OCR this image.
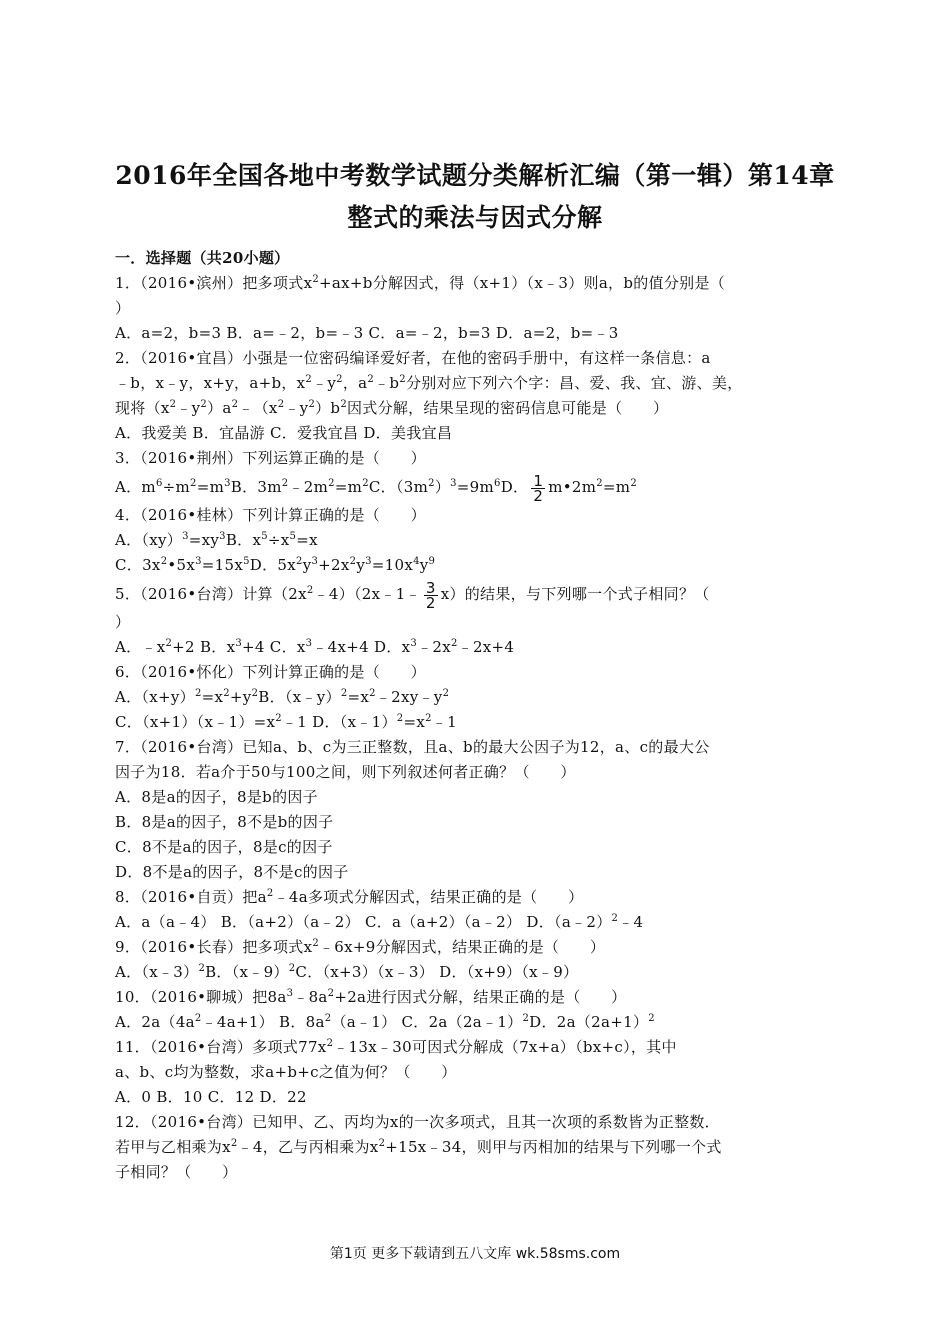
2016年全国各地中考数学试题分类解析汇编（第一辑）第14章
整式的乘法与因式分解
一．选择题（共20小题）
1．（2016•滨州）把多项式$x^2+ax+b$分解因式，得（x+1）（x﹣3）则a，b的值分别是（
）
A．a=2，b=3 B．a=﹣2，b=﹣3 C．a=﹣2，b=3 D．a=2，b=﹣3
2．（2016•宜昌）小强是一位密码编译爱好者，在他的密码手册中，有这样一条信息：a
﹣b，x﹣y，x+y，a+b，$x^2﹣y^2$，$a^2﹣b^2$分别对应下列六个字：昌、爱、我、宜、游、美，
现将$(x^2﹣y^2)a^2﹣(x^2﹣y^2)b^2$因式分解，结果呈现的密码信息可能是（　　）
A．我爱美 B．宜晶游 C．爱我宜昌 D．美我宜昌
3．（2016•荆州）下列运算正确的是（　　）
A．$m^6\div m^2=m^3B$．$3m^2﹣2m^2=m^2C$．$(3m^2)^3=9m^6D$． $\frac{1}{2}$ $m•2m^2=m^2$
4．（2016•桂林）下列计算正确的是（　　）
A．$(xy)^3=xy^3B$．$x^5\div x^5=x$
C．$3x^2•5x^3=15x^5D$．$5x^2y^3+2x^2y^3=10x^4y^9$
5．（2016•台湾）计算$(2x^2﹣4)(2x﹣1﹣ \frac{3}{2} x)$的结果，与下列哪一个式子相同？（
）
A．$﹣x^2+2$ B．$x^3+4$ C．$x^3﹣4x+4$ D．$x^3﹣2x^2﹣2x+4$
6．（2016•怀化）下列计算正确的是（　　）
A．$(x+y)^2=x^2+y^2B$．$(x﹣y)^2=x^2﹣2xy﹣y^2$
C．$(x+1)(x﹣1)=x^2﹣1$ D．$(x﹣1)^2=x^2﹣1$
7．（2016•台湾）已知a、b、c为三正整数，且a、b的最大公因子为12，a、c的最大公
因子为18．若a介于50与100之间，则下列叙述何者正确？（　　）
A．8是a的因子，8是b的因子
B．8是a的因子，8不是b的因子
C．8不是a的因子，8是c的因子
D．8不是a的因子，8不是c的因子
8．（2016•自贡）把$a^2﹣4a$多项式分解因式，结果正确的是（　　）
A．a（a﹣4） B．（a+2）（a﹣2） C．a（a+2）（a﹣2） D．（a﹣2）$^2$﹣4
9．（2016•长春）把多项式$x^2﹣6x+9$分解因式，结果正确的是（　　）
A．（x﹣3）$^2$B．（x﹣9）$^2$C．（x+3）（x﹣3） D．（x+9）（x﹣9）
10．（2016•聊城）把$8a^3﹣8a^2+2a$进行因式分解，结果正确的是（　　）
A．$2a(4a^2﹣4a+1)$ B．$8a^2(a﹣1)$ C．2a（2a﹣1）$^2$D．$2a(2a+1)^2$
11．（2016•台湾）多项式$77x^2﹣13x﹣30$可因式分解成（7x+a）（bx+c），其中
a、b、c均为整数，求a+b+c之值为何？（　　）
A．0 B．10 C．12 D．22
12．（2016•台湾）已知甲、乙、丙均为x的一次多项式，且其一次项的系数皆为正整数．
若甲与乙相乘为$x^2﹣4$，乙与丙相乘为$x^2+15x﹣34$，则甲与丙相加的结果与下列哪一个式
子相同？（　　）
第1页 更多下载请到五八文库 wk.58sms.com
